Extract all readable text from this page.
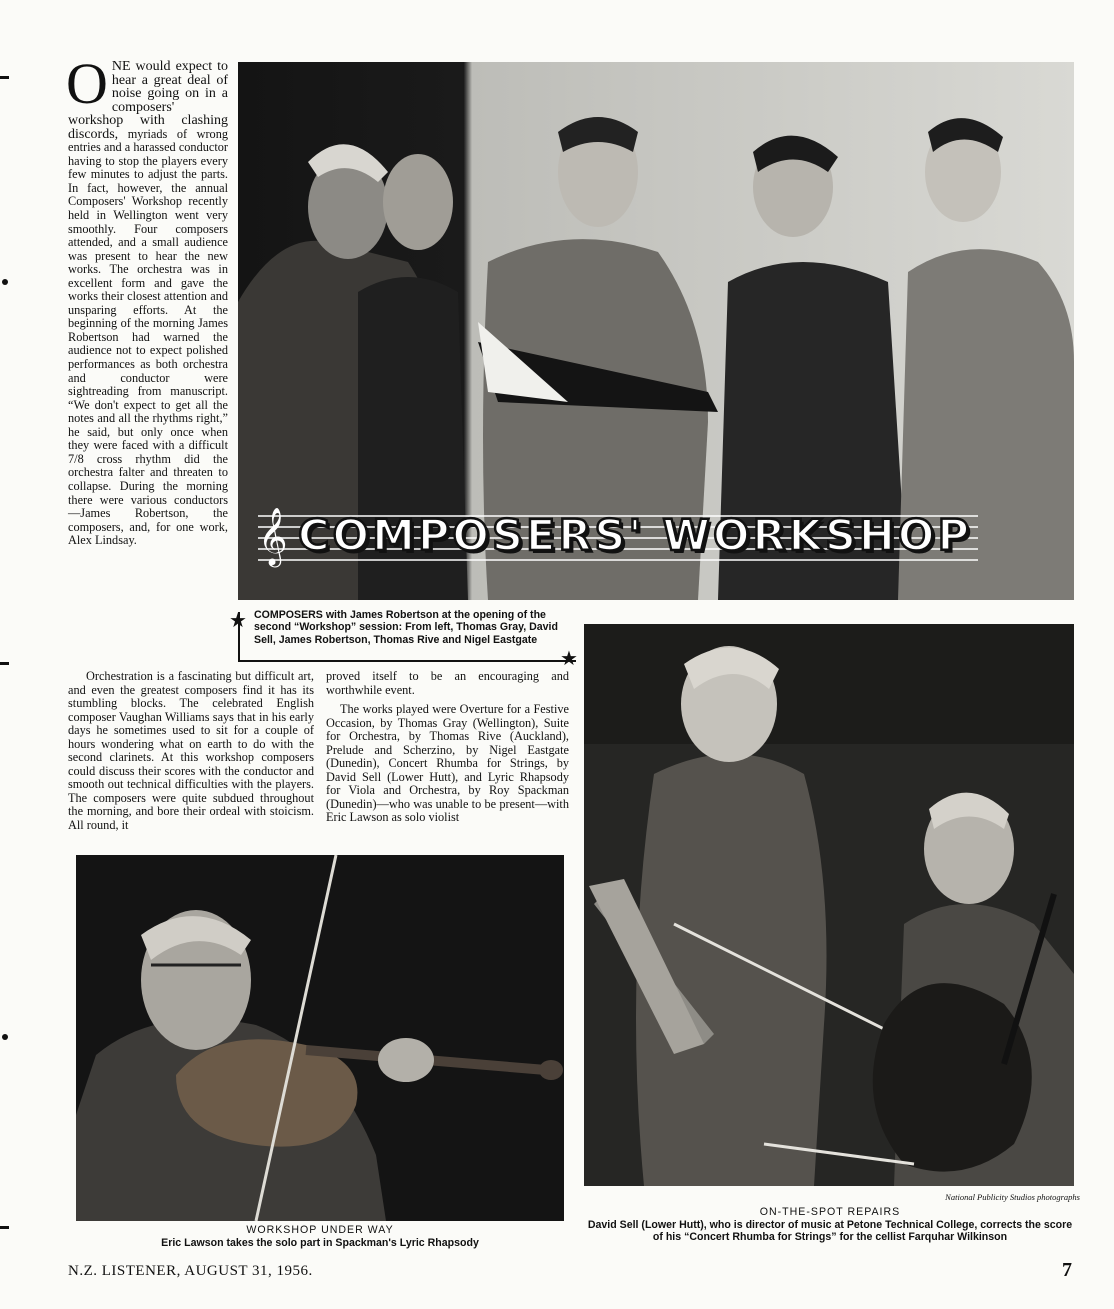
O NE would expect to hear a great deal of noise going on in a composers' workshop with clashing discords, myriads of wrong entries and a harassed conductor having to stop the players every few minutes to adjust the parts. In fact, however, the annual Composers' Workshop recently held in Wellington went very smoothly. Four composers attended, and a small audience was present to hear the new works. The orchestra was in excellent form and gave the works their closest attention and unsparing efforts. At the beginning of the morning James Robertson had warned the audience not to expect polished performances as both orchestra and conductor were sightreading from manuscript. “We don't expect to get all the notes and all the rhythms right,” he said, but only once when they were faced with a difficult 7/8 cross rhythm did the orchestra falter and threaten to collapse. During the morning there were various conductors—James Robertson, the composers, and, for one work, Alex Lindsay.	𝄞 COMPOSERS' WORKSHOP
★
★
COMPOSERS with James Robertson at the opening of the second “Workshop” session: From left, Thomas Gray, David Sell, James Robertson, Thomas Rive and Nigel Eastgate

Orchestration is a fascinating but difficult art, and even the greatest composers find it has its stumbling blocks. The celebrated English composer Vaughan Williams says that in his early days he sometimes used to sit for a couple of hours wondering what on earth to do with the second clarinets. At this workshop composers could discuss their scores with the conductor and smooth out technical difficulties with the players. The composers were quite subdued throughout the morning, and bore their ordeal with stoicism. All round, it

proved itself to be an encouraging and worthwhile event.

The works played were Overture for a Festive Occasion, by Thomas Gray (Wellington), Suite for Orchestra, by Thomas Rive (Auckland), Prelude and Scherzino, by Nigel Eastgate (Dunedin), Concert Rhumba for Strings, by David Sell (Lower Hutt), and Lyric Rhapsody for Viola and Orchestra, by Roy Spackman (Dunedin)—who was unable to be present—with Eric Lawson as solo violist

National Publicity Studios photographs
WORKSHOP UNDER WAY
Eric Lawson takes the solo part in Spackman's Lyric Rhapsody
ON-THE-SPOT REPAIRS
David Sell (Lower Hutt), who is director of music at Petone Technical College, corrects the score of his “Concert Rhumba for Strings” for the cellist Farquhar Wilkinson
N.Z. LISTENER, AUGUST 31, 1956.	7
